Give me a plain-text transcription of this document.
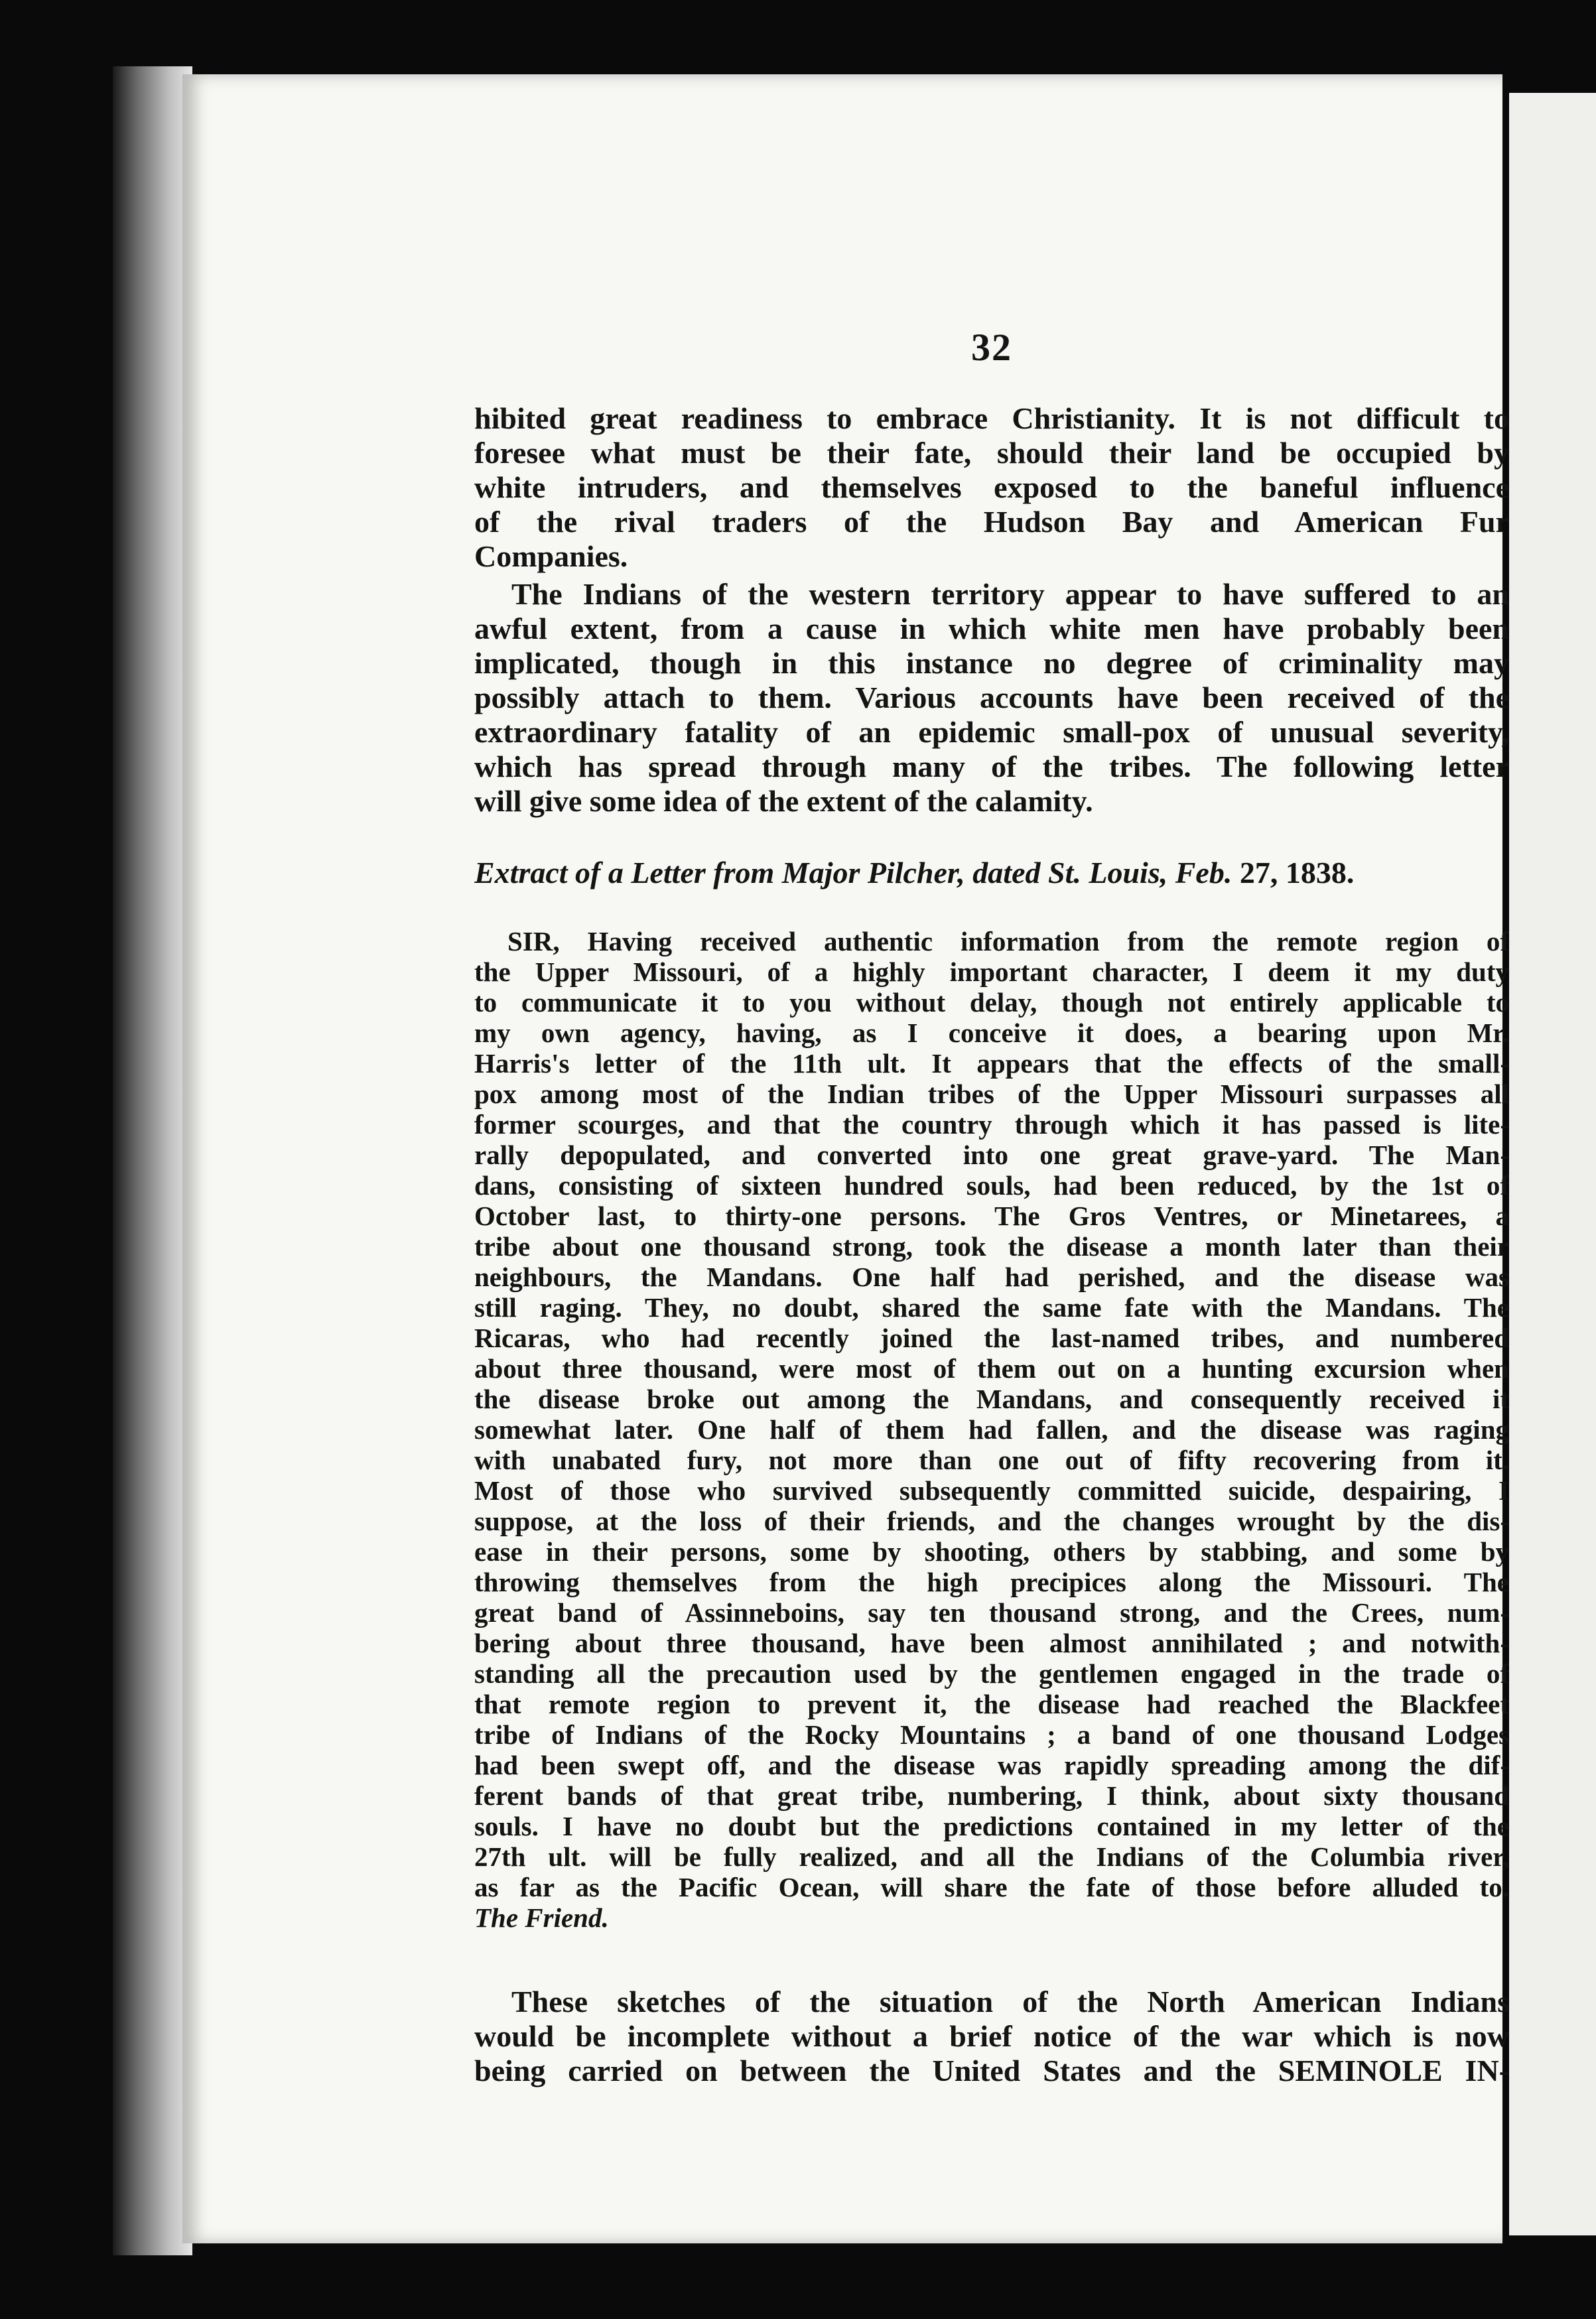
32
hibited great readiness to embrace Christianity. It is not difficult to
foresee what must be their fate, should their land be occupied by
white intruders, and themselves exposed to the baneful influence
of the rival traders of the Hudson Bay and American Fur
Companies.
The Indians of the western territory appear to have suffered to an
awful extent, from a cause in which white men have probably been
implicated, though in this instance no degree of criminality may
possibly attach to them. Various accounts have been received of the
extraordinary fatality of an epidemic small-pox of unusual severity,
which has spread through many of the tribes. The following letter
will give some idea of the extent of the calamity.
Extract of a Letter from Major Pilcher, dated St. Louis, Feb. 27, 1838.
SIR, Having received authentic information from the remote region of
the Upper Missouri, of a highly important character, I deem it my duty
to communicate it to you without delay, though not entirely applicable to
my own agency, having, as I conceive it does, a bearing upon Mr.
Harris's letter of the 11th ult. It appears that the effects of the small-
pox among most of the Indian tribes of the Upper Missouri surpasses all
former scourges, and that the country through which it has passed is lite-
rally depopulated, and converted into one great grave-yard. The Man-
dans, consisting of sixteen hundred souls, had been reduced, by the 1st of
October last, to thirty-one persons. The Gros Ventres, or Minetarees, a
tribe about one thousand strong, took the disease a month later than their
neighbours, the Mandans. One half had perished, and the disease was
still raging. They, no doubt, shared the same fate with the Mandans. The
Ricaras, who had recently joined the last-named tribes, and numbered
about three thousand, were most of them out on a hunting excursion when
the disease broke out among the Mandans, and consequently received it
somewhat later. One half of them had fallen, and the disease was raging
with unabated fury, not more than one out of fifty recovering from it.
Most of those who survived subsequently committed suicide, despairing, I
suppose, at the loss of their friends, and the changes wrought by the dis-
ease in their persons, some by shooting, others by stabbing, and some by
throwing themselves from the high precipices along the Missouri. The
great band of Assinneboins, say ten thousand strong, and the Crees, num-
bering about three thousand, have been almost annihilated ; and notwith-
standing all the precaution used by the gentlemen engaged in the trade of
that remote region to prevent it, the disease had reached the Blackfeet
tribe of Indians of the Rocky Mountains ; a band of one thousand Lodges
had been swept off, and the disease was rapidly spreading among the dif-
ferent bands of that great tribe, numbering, I think, about sixty thousand
souls. I have no doubt but the predictions contained in my letter of the
27th ult. will be fully realized, and all the Indians of the Columbia river,
as far as the Pacific Ocean, will share the fate of those before alluded to.
The Friend.
These sketches of the situation of the North American Indians
would be incomplete without a brief notice of the war which is now
being carried on between the United States and the SEMINOLE IN-
